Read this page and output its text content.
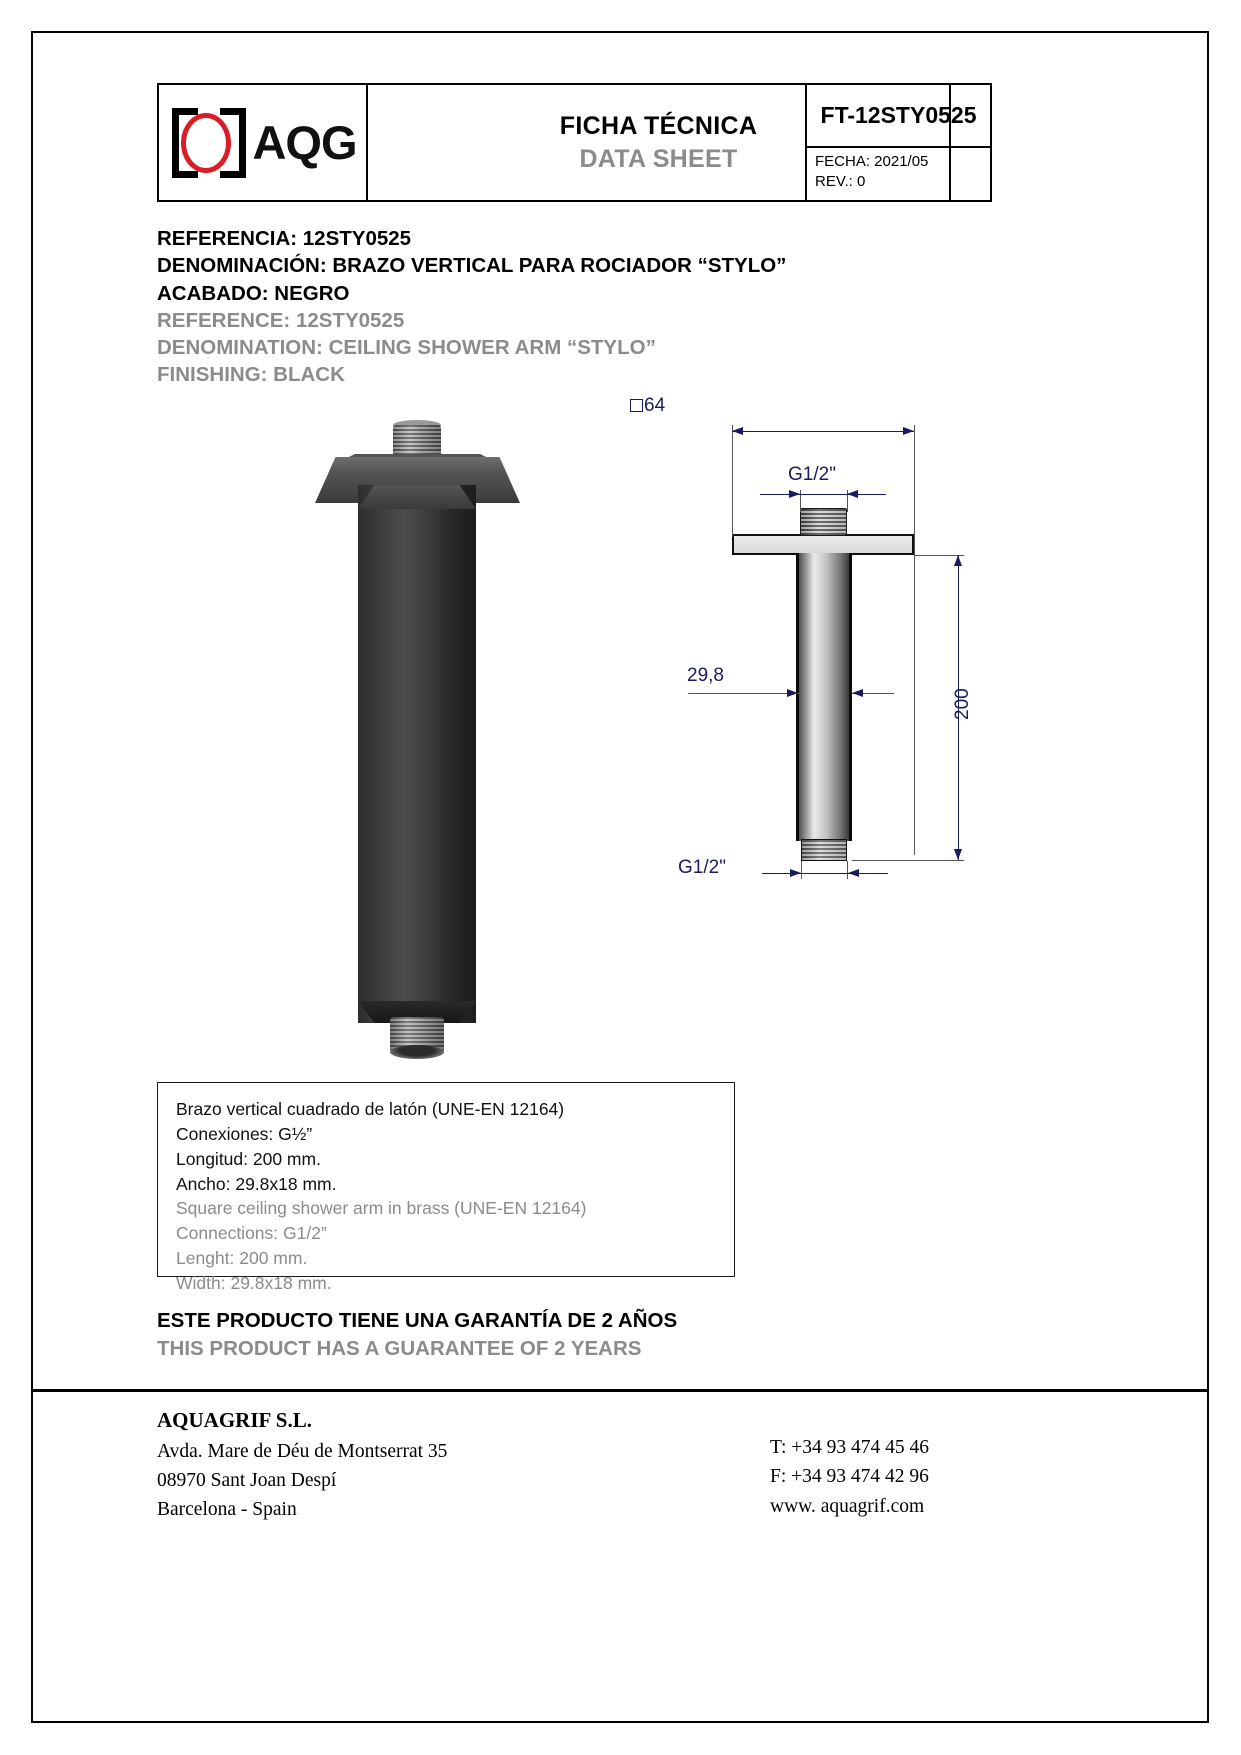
AQG	FICHA TÉCNICA
DATA SHEET
FT-12STY0525
FECHA: 2021/05
REV.: 0
REFERENCIA: 12STY0525
DENOMINACIÓN: BRAZO VERTICAL PARA ROCIADOR “STYLO”
ACABADO: NEGRO
REFERENCE: 12STY0525
DENOMINATION: CEILING SHOWER ARM “STYLO”
FINISHING: BLACK
64
G1/2"
29,8
200
G1/2"
Brazo vertical cuadrado de latón (UNE-EN 12164)
Conexiones: G½”
Longitud: 200 mm.
Ancho: 29.8x18 mm.
Square ceiling shower arm in brass (UNE-EN 12164)
Connections: G1/2”
Lenght: 200 mm.
Width: 29.8x18 mm.
ESTE PRODUCTO TIENE UNA GARANTÍA DE 2 AÑOS
THIS PRODUCT HAS A GUARANTEE OF 2 YEARS
AQUAGRIF S.L.
Avda. Mare de Déu de Montserrat 35
08970 Sant Joan Despí
Barcelona - Spain
T: +34 93 474 45 46
F: +34 93 474 42 96
www. aquagrif.com
